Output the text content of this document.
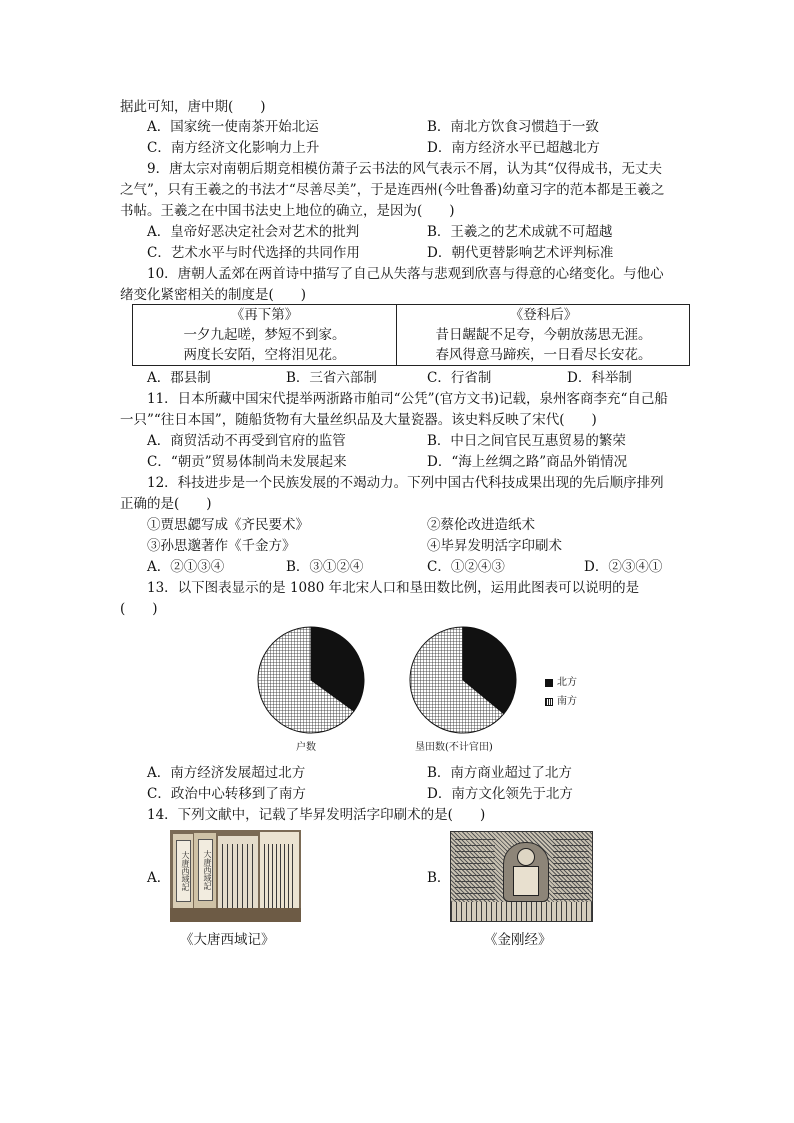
据此可知，唐中期(　　)
A．国家统一使南茶开始北运	B．南北方饮食习惯趋于一致
C．南方经济文化影响力上升	D．南方经济水平已超越北方
9．唐太宗对南朝后期竞相模仿萧子云书法的风气表示不屑，认为其“仅得成书，无丈夫
之气”，只有王羲之的书法才“尽善尽美”，于是连西州(今吐鲁番)幼童习字的范本都是王羲之
书帖。王羲之在中国书法史上地位的确立，是因为(　　)
A．皇帝好恶决定社会对艺术的批判	B．王羲之的艺术成就不可超越
C．艺术水平与时代选择的共同作用	D．朝代更替影响艺术评判标准
10．唐朝人孟郊在两首诗中描写了自己从失落与悲观到欣喜与得意的心绪变化。与他心
绪变化紧密相关的制度是(　　)
《再下第》
一夕九起嗟，梦短不到家。
两度长安陌，空将泪见花。
《登科后》
昔日龌龊不足夸，今朝放荡思无涯。
春风得意马蹄疾，一日看尽长安花。
A．郡县制	B．三省六部制	C．行省制	D．科举制
11．日本所藏中国宋代提举两浙路市舶司“公凭”(官方文书)记载，泉州客商李充“自己船
一只”“往日本国”，随船货物有大量丝织品及大量瓷器。该史料反映了宋代(　　)
A．商贸活动不再受到官府的监管	B．中日之间官民互惠贸易的繁荣
C．“朝贡”贸易体制尚未发展起来	D．“海上丝绸之路”商品外销情况
12．科技进步是一个民族发展的不竭动力。下列中国古代科技成果出现的先后顺序排列
正确的是(　　)
①贾思勰写成《齐民要术》	②蔡伦改进造纸术
③孙思邈著作《千金方》	④毕昇发明活字印刷术
A．②①③④	B．③①②④	C．①②④③	D．②③④①
13．以下图表显示的是 1080 年北宋人口和垦田数比例，运用此图表可以说明的是
(　　)
户数	垦田数(不计官田)
北方
南方
A．南方经济发展超过北方	B．南方商业超过了北方
C．政治中心转移到了南方	D．南方文化领先于北方
14．下列文献中，记载了毕昇发明活字印刷术的是(　　)
A．	B．
大唐西域記	大唐西域記
《大唐西域记》	《金刚经》
